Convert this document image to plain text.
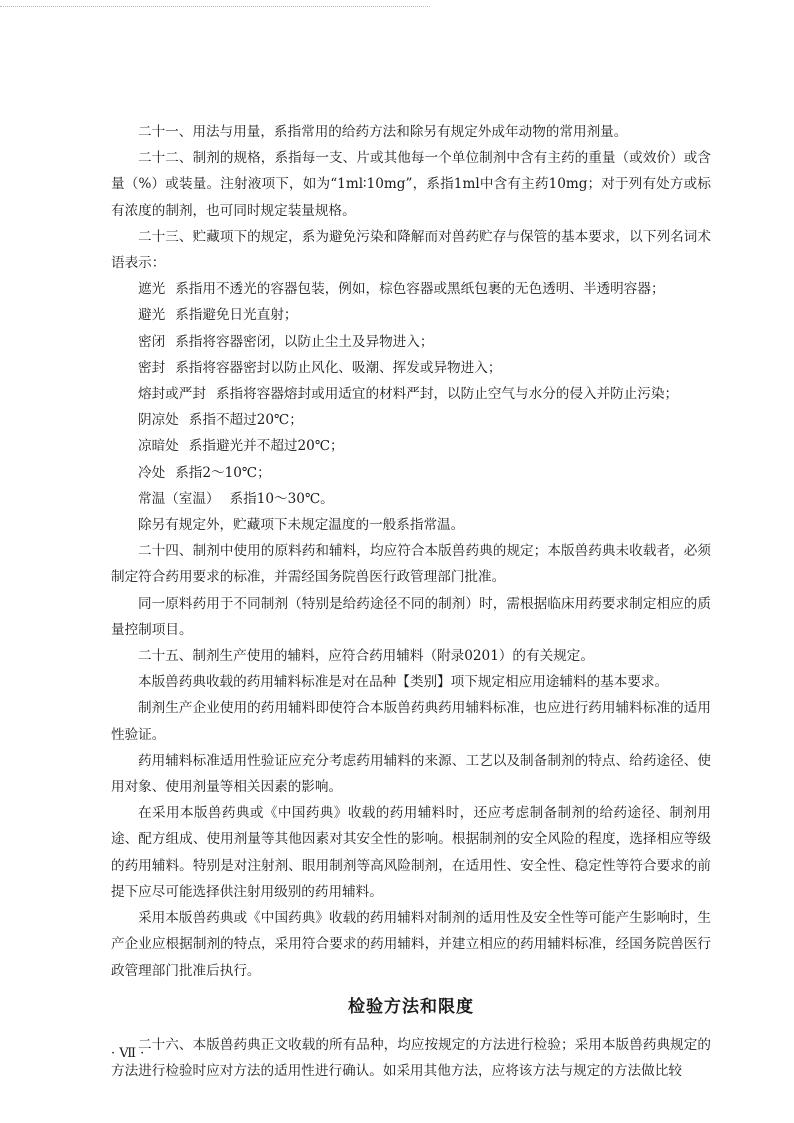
二十一、用法与用量，系指常用的给药方法和除另有规定外成年动物的常用剂量。

二十二、制剂的规格，系指每一支、片或其他每一个单位制剂中含有主药的重量（或效价）或含量（%）或装量。注射液项下，如为“1ml∶10mg”，系指1ml中含有主药10mg；对于列有处方或标有浓度的制剂，也可同时规定装量规格。

二十三、贮藏项下的规定，系为避免污染和降解而对兽药贮存与保管的基本要求，以下列名词术语表示：

遮光 系指用不透光的容器包装，例如，棕色容器或黑纸包裹的无色透明、半透明容器；

避光 系指避免日光直射；

密闭 系指将容器密闭，以防止尘土及异物进入；

密封 系指将容器密封以防止风化、吸潮、挥发或异物进入；

熔封或严封 系指将容器熔封或用适宜的材料严封，以防止空气与水分的侵入并防止污染；

阴凉处 系指不超过20℃；

凉暗处 系指避光并不超过20℃；

冷处 系指2～10℃；

常温（室温） 系指10～30℃。

除另有规定外，贮藏项下未规定温度的一般系指常温。

二十四、制剂中使用的原料药和辅料，均应符合本版兽药典的规定；本版兽药典未收载者，必须制定符合药用要求的标准，并需经国务院兽医行政管理部门批准。

同一原料药用于不同制剂（特别是给药途径不同的制剂）时，需根据临床用药要求制定相应的质量控制项目。

二十五、制剂生产使用的辅料，应符合药用辅料（附录0201）的有关规定。

本版兽药典收载的药用辅料标准是对在品种【类别】项下规定相应用途辅料的基本要求。

制剂生产企业使用的药用辅料即使符合本版兽药典药用辅料标准，也应进行药用辅料标准的适用性验证。

药用辅料标准适用性验证应充分考虑药用辅料的来源、工艺以及制备制剂的特点、给药途径、使用对象、使用剂量等相关因素的影响。

在采用本版兽药典或《中国药典》收载的药用辅料时，还应考虑制备制剂的给药途径、制剂用途、配方组成、使用剂量等其他因素对其安全性的影响。根据制剂的安全风险的程度，选择相应等级的药用辅料。特别是对注射剂、眼用制剂等高风险制剂，在适用性、安全性、稳定性等符合要求的前提下应尽可能选择供注射用级别的药用辅料。

采用本版兽药典或《中国药典》收载的药用辅料对制剂的适用性及安全性等可能产生影响时，生产企业应根据制剂的特点，采用符合要求的药用辅料，并建立相应的药用辅料标准，经国务院兽医行政管理部门批准后执行。

检验方法和限度

二十六、本版兽药典正文收载的所有品种，均应按规定的方法进行检验；采用本版兽药典规定的方法进行检验时应对方法的适用性进行确认。如采用其他方法，应将该方法与规定的方法做比较

· Ⅶ ·
